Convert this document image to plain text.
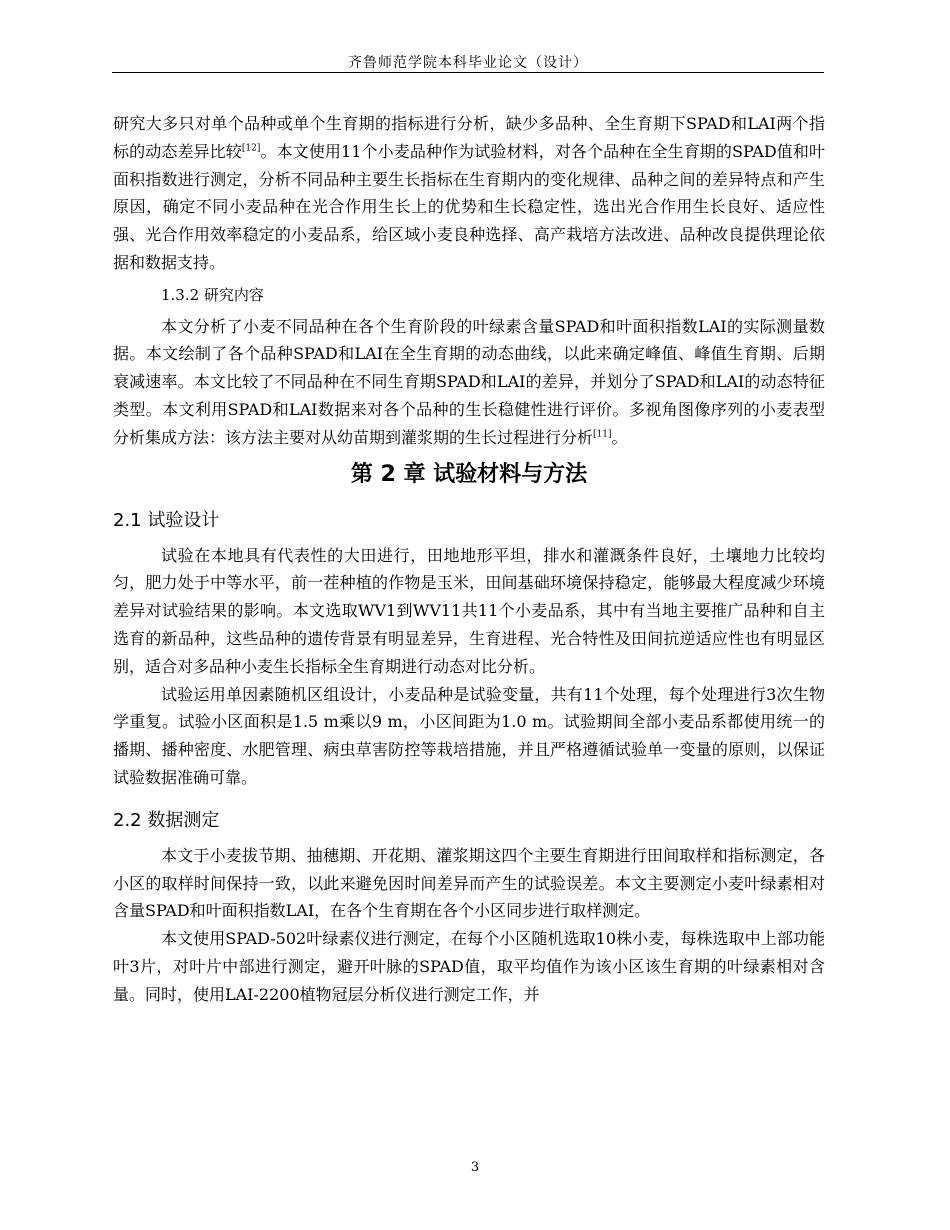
齐鲁师范学院本科毕业论文（设计）

研究大多只对单个品种或单个生育期的指标进行分析，缺少多品种、全生育期下SPAD和LAI两个指标的动态差异比较[12]。本文使用11个小麦品种作为试验材料，对各个品种在全生育期的SPAD值和叶面积指数进行测定，分析不同品种主要生长指标在生育期内的变化规律、品种之间的差异特点和产生原因，确定不同小麦品种在光合作用生长上的优势和生长稳定性，选出光合作用生长良好、适应性强、光合作用效率稳定的小麦品系，给区域小麦良种选择、高产栽培方法改进、品种改良提供理论依据和数据支持。

1.3.2 研究内容

本文分析了小麦不同品种在各个生育阶段的叶绿素含量SPAD和叶面积指数LAI的实际测量数据。本文绘制了各个品种SPAD和LAI在全生育期的动态曲线，以此来确定峰值、峰值生育期、后期衰减速率。本文比较了不同品种在不同生育期SPAD和LAI的差异，并划分了SPAD和LAI的动态特征类型。本文利用SPAD和LAI数据来对各个品种的生长稳健性进行评价。多视角图像序列的小麦表型分析集成方法：该方法主要对从幼苗期到灌浆期的生长过程进行分析[11]。

第 2 章 试验材料与方法
2.1 试验设计

试验在本地具有代表性的大田进行，田地地形平坦，排水和灌溉条件良好，土壤地力比较均匀，肥力处于中等水平，前一茬种植的作物是玉米，田间基础环境保持稳定，能够最大程度减少环境差异对试验结果的影响。本文选取WV1到WV11共11个小麦品系，其中有当地主要推广品种和自主选育的新品种，这些品种的遗传背景有明显差异，生育进程、光合特性及田间抗逆适应性也有明显区别，适合对多品种小麦生长指标全生育期进行动态对比分析。

试验运用单因素随机区组设计，小麦品种是试验变量，共有11个处理，每个处理进行3次生物学重复。试验小区面积是1.5 m乘以9 m，小区间距为1.0 m。试验期间全部小麦品系都使用统一的播期、播种密度、水肥管理、病虫草害防控等栽培措施，并且严格遵循试验单一变量的原则，以保证试验数据准确可靠。

2.2 数据测定

本文于小麦拔节期、抽穗期、开花期、灌浆期这四个主要生育期进行田间取样和指标测定，各小区的取样时间保持一致，以此来避免因时间差异而产生的试验误差。本文主要测定小麦叶绿素相对含量SPAD和叶面积指数LAI，在各个生育期在各个小区同步进行取样测定。

本文使用SPAD-502叶绿素仪进行测定，在每个小区随机选取10株小麦，每株选取中上部功能叶3片，对叶片中部进行测定，避开叶脉的SPAD值，取平均值作为该小区该生育期的叶绿素相对含量。同时，使用LAI-2200植物冠层分析仪进行测定工作，并

3
